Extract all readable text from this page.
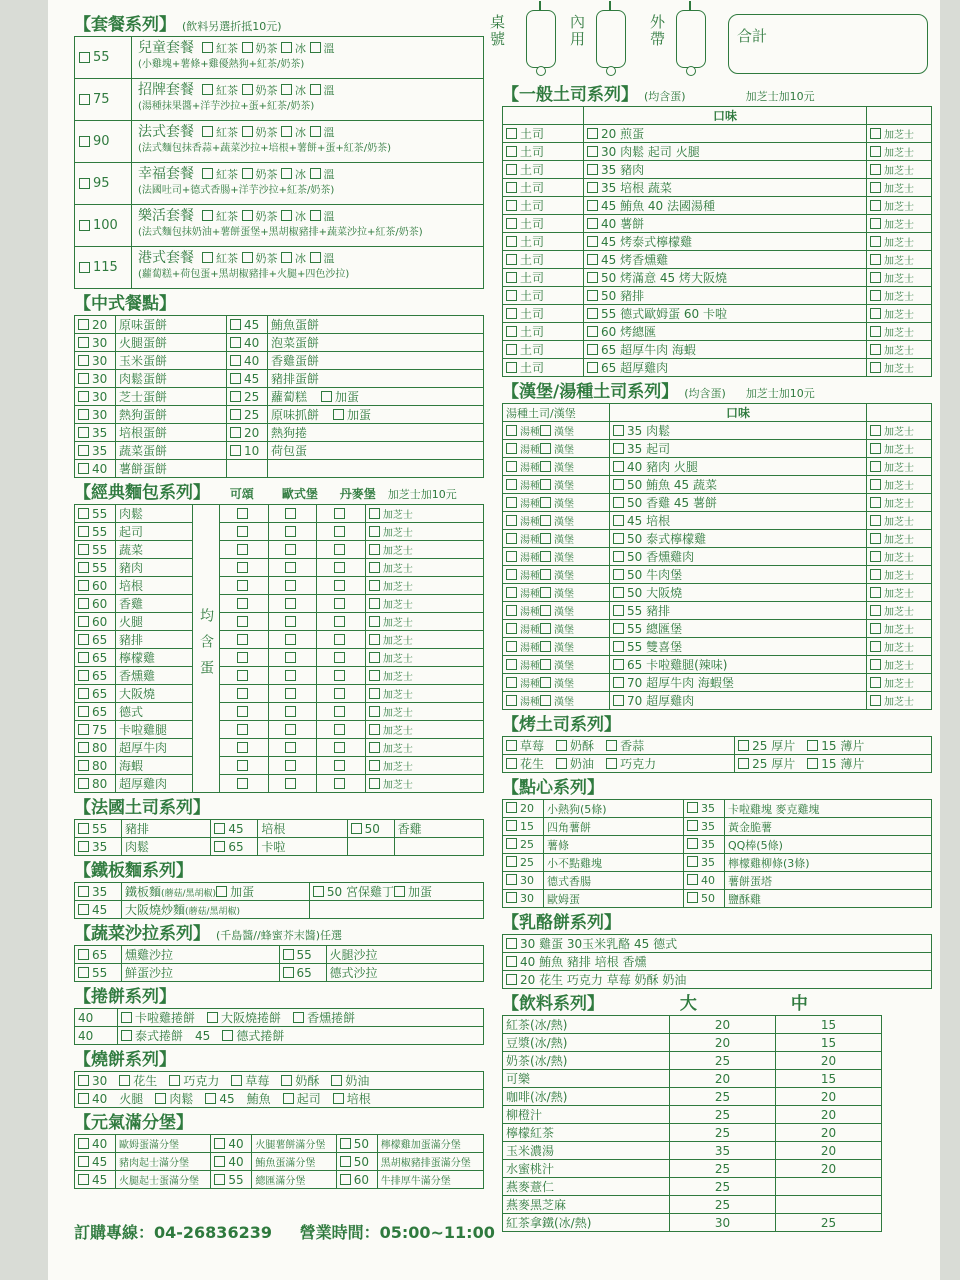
【套餐系列】 (飲料另選折抵10元)
55
兒童套餐 紅茶 奶茶 冰 溫
(小雞塊+薯條+雞優熱狗+紅茶/奶茶)
75
招牌套餐 紅茶 奶茶 冰 溫
(湯種抹果醬+洋芋沙拉+蛋+紅茶/奶茶)
90
法式套餐 紅茶 奶茶 冰 溫
(法式麵包抹香蒜+蔬菜沙拉+培根+薯餅+蛋+紅茶/奶茶)
95
幸福套餐 紅茶 奶茶 冰 溫
(法國吐司+德式香腸+洋芋沙拉+紅茶/奶茶)
100
樂活套餐 紅茶 奶茶 冰 溫
(法式麵包抹奶油+薯餅蛋堡+黑胡椒豬排+蔬菜沙拉+紅茶/奶茶)
115
港式套餐 紅茶 奶茶 冰 溫
(蘿蔔糕+荷包蛋+黑胡椒豬排+火腿+四色沙拉)
【中式餐點】
20	原味蛋餅	45	鮪魚蛋餅
30	火腿蛋餅	40	泡菜蛋餅
30	玉米蛋餅	40	香雞蛋餅
30	肉鬆蛋餅	45	豬排蛋餅
30	芝士蛋餅	25	蘿蔔糕 加蛋
30	熱狗蛋餅	25	原味抓餅 加蛋
35	培根蛋餅	20	熱狗捲
35	蔬菜蛋餅	10	荷包蛋
40	薯餅蛋餅		
【經典麵包系列】 可頌 歐式堡 丹麥堡 加芝士加10元
55	肉鬆	均含蛋				加芝士
55	起司					加芝士
55	蔬菜					加芝士
55	豬肉					加芝士
60	培根					加芝士
60	香雞					加芝士
60	火腿					加芝士
65	豬排					加芝士
65	檸檬雞					加芝士
65	香燻雞					加芝士
65	大阪燒					加芝士
65	德式					加芝士
75	卡啦雞腿					加芝士
80	超厚牛肉					加芝士
80	海蝦					加芝士
80	超厚雞肉					加芝士
【法國土司系列】
55	豬排	45	培根	50	香雞
35	肉鬆	65	卡啦		
【鐵板麵系列】
35	鐵板麵(蘑菇/黑胡椒) 加蛋	50 宮保雞丁 加蛋
45	大阪燒炒麵(蘑菇/黑胡椒)	
【蔬菜沙拉系列】 (千島醬//蜂蜜芥末醬)任選
65	燻雞沙拉	55	火腿沙拉
55	鮮蛋沙拉	65	德式沙拉
【捲餅系列】
40	卡啦雞捲餅　 大阪燒捲餅　 香燻捲餅
40	泰式捲餅　 45　 德式捲餅
【燒餅系列】
30　 花生　 巧克力　 草莓　 奶酥　 奶油
40　 火腿　 肉鬆　 45　 鮪魚　 起司　 培根
【元氣滿分堡】
40	歐姆蛋滿分堡	40	火腿薯餅滿分堡	50	檸檬雞加蛋滿分堡
45	豬肉起士滿分堡	40	鮪魚蛋滿分堡	50	黑胡椒豬排蛋滿分堡
45	火腿起士蛋滿分堡	55	總匯滿分堡	60	牛排厚牛滿分堡
訂購專線：04-26836239 營業時間：05:00~11:00
桌號
內用
外帶	合計
【一般土司系列】 (均含蛋)	加芝士加10元
	口味	
土司	20 煎蛋	加芝士
土司	30 肉鬆 起司 火腿	加芝士
土司	35 豬肉	加芝士
土司	35 培根 蔬菜	加芝士
土司	45 鮪魚 40 法國湯種	加芝士
土司	40 薯餅	加芝士
土司	45 烤泰式檸檬雞	加芝士
土司	45 烤香燻雞	加芝士
土司	50 烤滿意 45 烤大阪燒	加芝士
土司	50 豬排	加芝士
土司	55 德式歐姆蛋 60 卡啦	加芝士
土司	60 烤總匯	加芝士
土司	65 超厚牛肉 海蝦	加芝士
土司	65 超厚雞肉	加芝士
【漢堡/湯種土司系列】 (均含蛋) 加芝士加10元
湯種土司/漢堡	口味	
湯種 漢堡	35 肉鬆	加芝士
湯種 漢堡	35 起司	加芝士
湯種 漢堡	40 豬肉 火腿	加芝士
湯種 漢堡	50 鮪魚 45 蔬菜	加芝士
湯種 漢堡	50 香雞 45 薯餅	加芝士
湯種 漢堡	45 培根	加芝士
湯種 漢堡	50 泰式檸檬雞	加芝士
湯種 漢堡	50 香燻雞肉	加芝士
湯種 漢堡	50 牛肉堡	加芝士
湯種 漢堡	50 大阪燒	加芝士
湯種 漢堡	55 豬排	加芝士
湯種 漢堡	55 總匯堡	加芝士
湯種 漢堡	55 雙喜堡	加芝士
湯種 漢堡	65 卡啦雞腿(辣味)	加芝士
湯種 漢堡	70 超厚牛肉 海蝦堡	加芝士
湯種 漢堡	70 超厚雞肉	加芝士
【烤土司系列】
草莓　 奶酥　 香蒜	25 厚片　 15 薄片
花生　 奶油　 巧克力	25 厚片　 15 薄片
【點心系列】
20	小熱狗(5條)	35	卡啦雞塊 麥克雞塊
15	四角薯餅	35	黃金脆薯
25	薯條	35	QQ棒(5條)
25	小不點雞塊	35	檸檬雞柳條(3條)
30	德式香腸	40	薯餅蛋塔
30	歐姆蛋	50	鹽酥雞
【乳酪餅系列】
30 雞蛋 30玉米乳酪 45 德式
40 鮪魚 豬排 培根 香燻
20 花生 巧克力 草莓 奶酥 奶油
【飲料系列】	大	中
紅茶(冰/熱)	20	15
豆漿(冰/熱)	20	15
奶茶(冰/熱)	25	20
可樂	20	15
咖啡(冰/熱)	25	20
柳橙汁	25	20
檸檬紅茶	25	20
玉米濃湯	35	20
水蜜桃汁	25	20
燕麥薏仁	25	
燕麥黑芝麻	25	
紅茶拿鐵(冰/熱)	30	25
